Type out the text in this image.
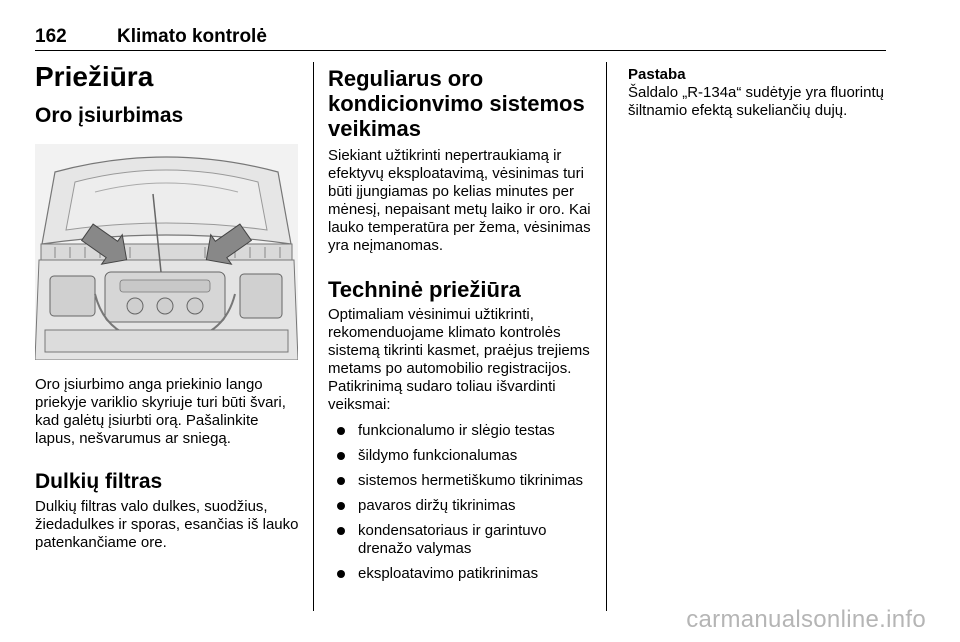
162	Klimato kontrolė
Priežiūra
Oro įsiurbimas

Oro įsiurbimo anga priekinio lango priekyje variklio skyriuje turi būti švari, kad galėtų įsiurbti orą. Pašalinkite lapus, nešvarumus ar sniegą.

Dulkių filtras

Dulkių filtras valo dulkes, suodžius, žiedadulkes ir sporas, esančias iš lauko patenkančiame ore.

Reguliarus oro kondicionvimo sistemos veikimas

Siekiant užtikrinti nepertraukiamą ir efektyvų eksploatavimą, vėsinimas turi būti įjungiamas po kelias minutes per mėnesį, nepaisant metų laiko ir oro. Kai lauko temperatūra per žema, vėsinimas yra neįmanomas.

Techninė priežiūra

Optimaliam vėsinimui užtikrinti, rekomenduojame klimato kontrolės sistemą tikrinti kasmet, praėjus trejiems metams po automobilio registracijos. Patikrinimą sudaro toliau išvardinti veiksmai:

funkcionalumo ir slėgio testas
šildymo funkcionalumas
sistemos hermetiškumo tikrinimas
pavaros diržų tikrinimas
kondensatoriaus ir garintuvo drenažo valymas
eksploatavimo patikrinimas
Pastaba

Šaldalo „R-134a“ sudėtyje yra fluorintų šiltnamio efektą sukeliančių dujų.

carmanualsonline.info
